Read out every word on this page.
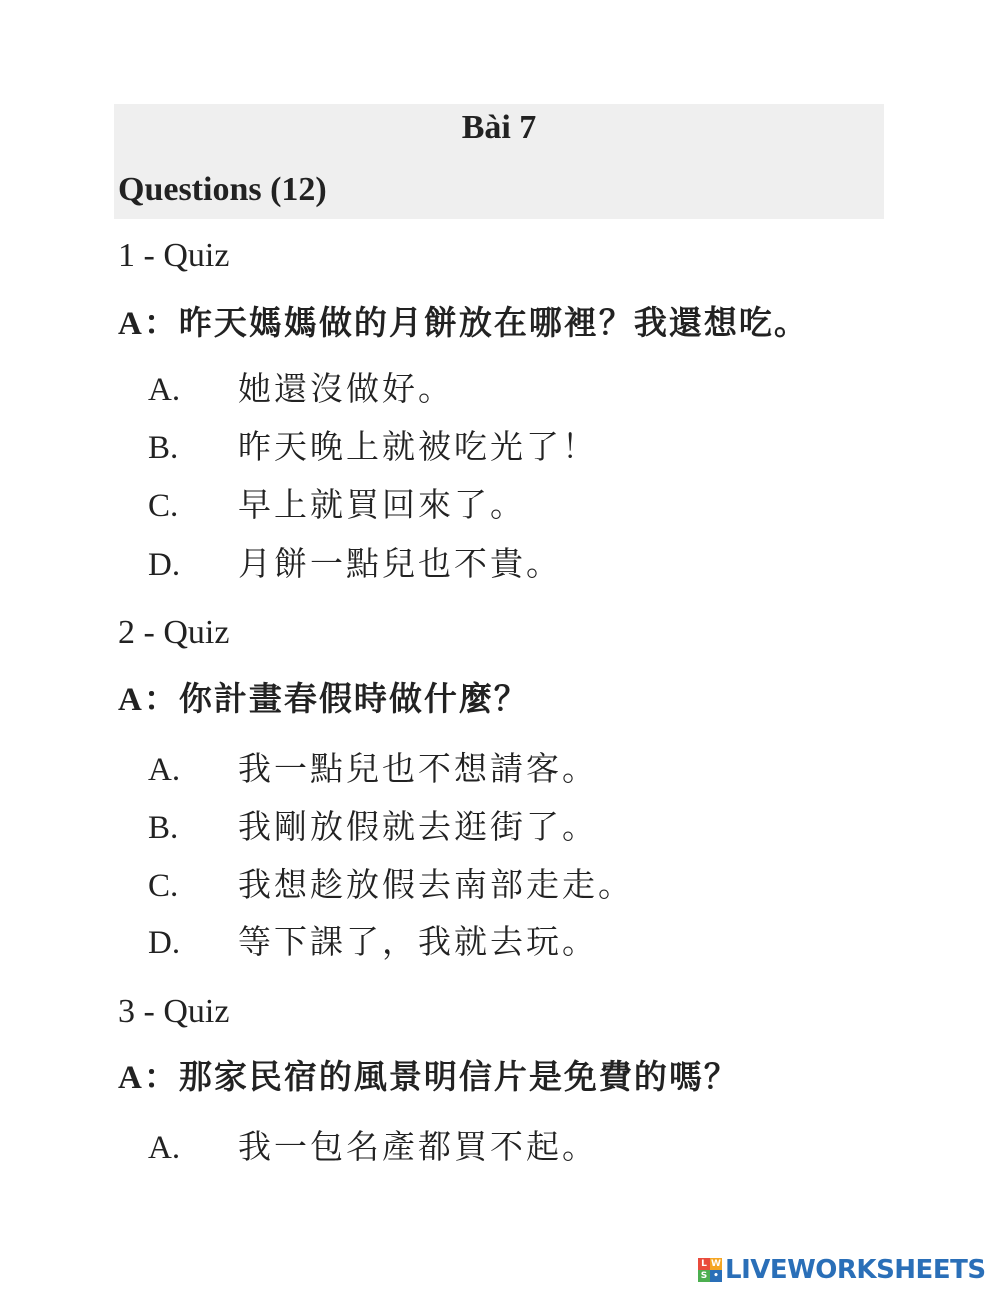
Bài 7
Questions (12)
1 - Quiz
A：昨天媽媽做的月餅放在哪裡？我還想吃。
A. 她還沒做好。
B. 昨天晚上就被吃光了！
C. 早上就買回來了。
D. 月餅一點兒也不貴。
2 - Quiz
A：你計畫春假時做什麼？
A. 我一點兒也不想請客。
B. 我剛放假就去逛街了。
C. 我想趁放假去南部走走。
D. 等下課了，我就去玩。
3 - Quiz
A：那家民宿的風景明信片是免費的嗎？
A. 我一包名產都買不起。
L W
S • LIVEWORKSHEETS
